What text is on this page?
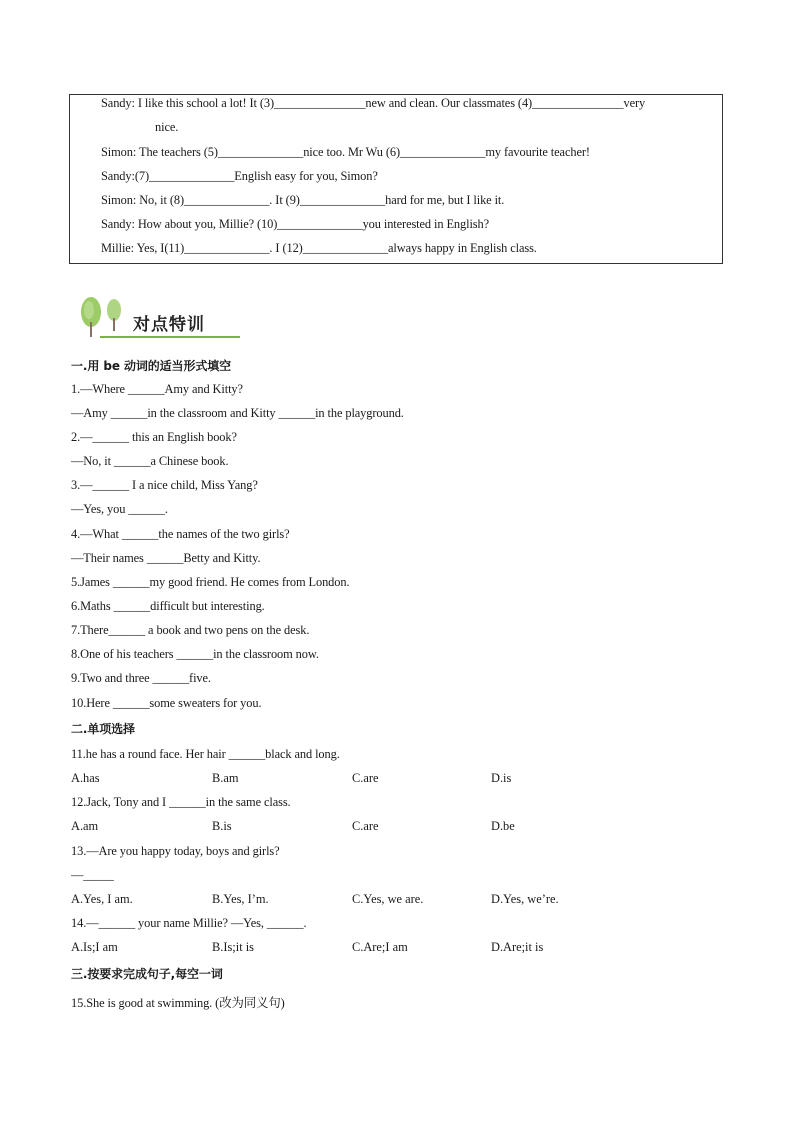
Sandy: I like this school a lot! It (3)_______________new and clean. Our classmates (4)_______________very
nice.
Simon: The teachers (5)______________nice too. Mr Wu (6)______________my favourite teacher!
Sandy:(7)______________English easy for you, Simon?
Simon: No, it (8)______________. It (9)______________hard for me, but I like it.
Sandy: How about you, Millie? (10)______________you interested in English?
Millie: Yes, I(11)______________. I (12)______________always happy in English class.
对点特训
一.用 be 动词的适当形式填空
1.—Where ______Amy and Kitty?
—Amy ______in the classroom and Kitty ______in the playground.
2.—______ this an English book?
—No, it ______a Chinese book.
3.—______ I a nice child, Miss Yang?
—Yes, you ______.
4.—What ______the names of the two girls?
—Their names ______Betty and Kitty.
5.James ______my good friend. He comes from London.
6.Maths ______difficult but interesting.
7.There______ a book and two pens on the desk.
8.One of his teachers ______in the classroom now.
9.Two and three ______five.
10.Here ______some sweaters for you.
二.单项选择
11.he has a round face. Her hair ______black and long.
A.has	B.am	C.are	D.is
12.Jack, Tony and I ______in the same class.
A.am	B.is	C.are	D.be
13.—Are you happy today, boys and girls?
—_____
A.Yes, I am.	B.Yes, I’m.	C.Yes, we are.	D.Yes, we’re.
14.—______ your name Millie? —Yes, ______.
A.Is;I am	B.Is;it is	C.Are;I am	D.Are;it is
三.按要求完成句子,每空一词
15.She is good at swimming. (改为同义句)
